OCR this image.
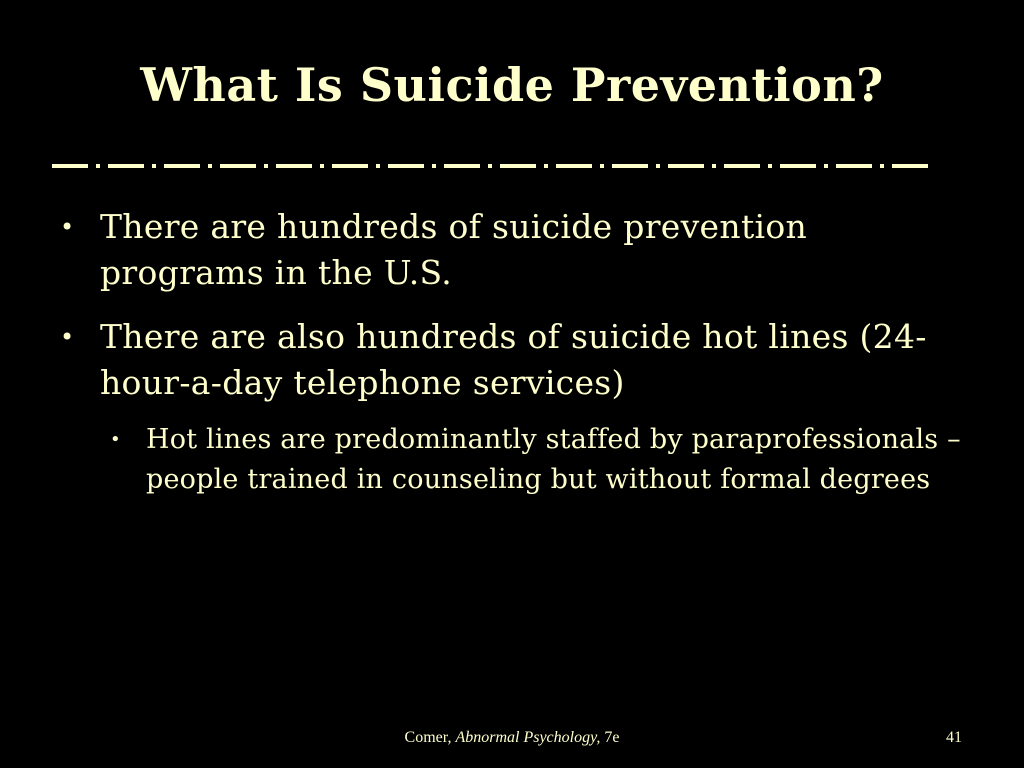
What Is Suicide Prevention?
• There are hundreds of suicide prevention programs in the U.S.
• There are also hundreds of suicide hot lines (24-hour-a-day telephone services)
• Hot lines are predominantly staffed by paraprofessionals – people trained in counseling but without formal degrees
Comer, Abnormal Psychology, 7e	41
